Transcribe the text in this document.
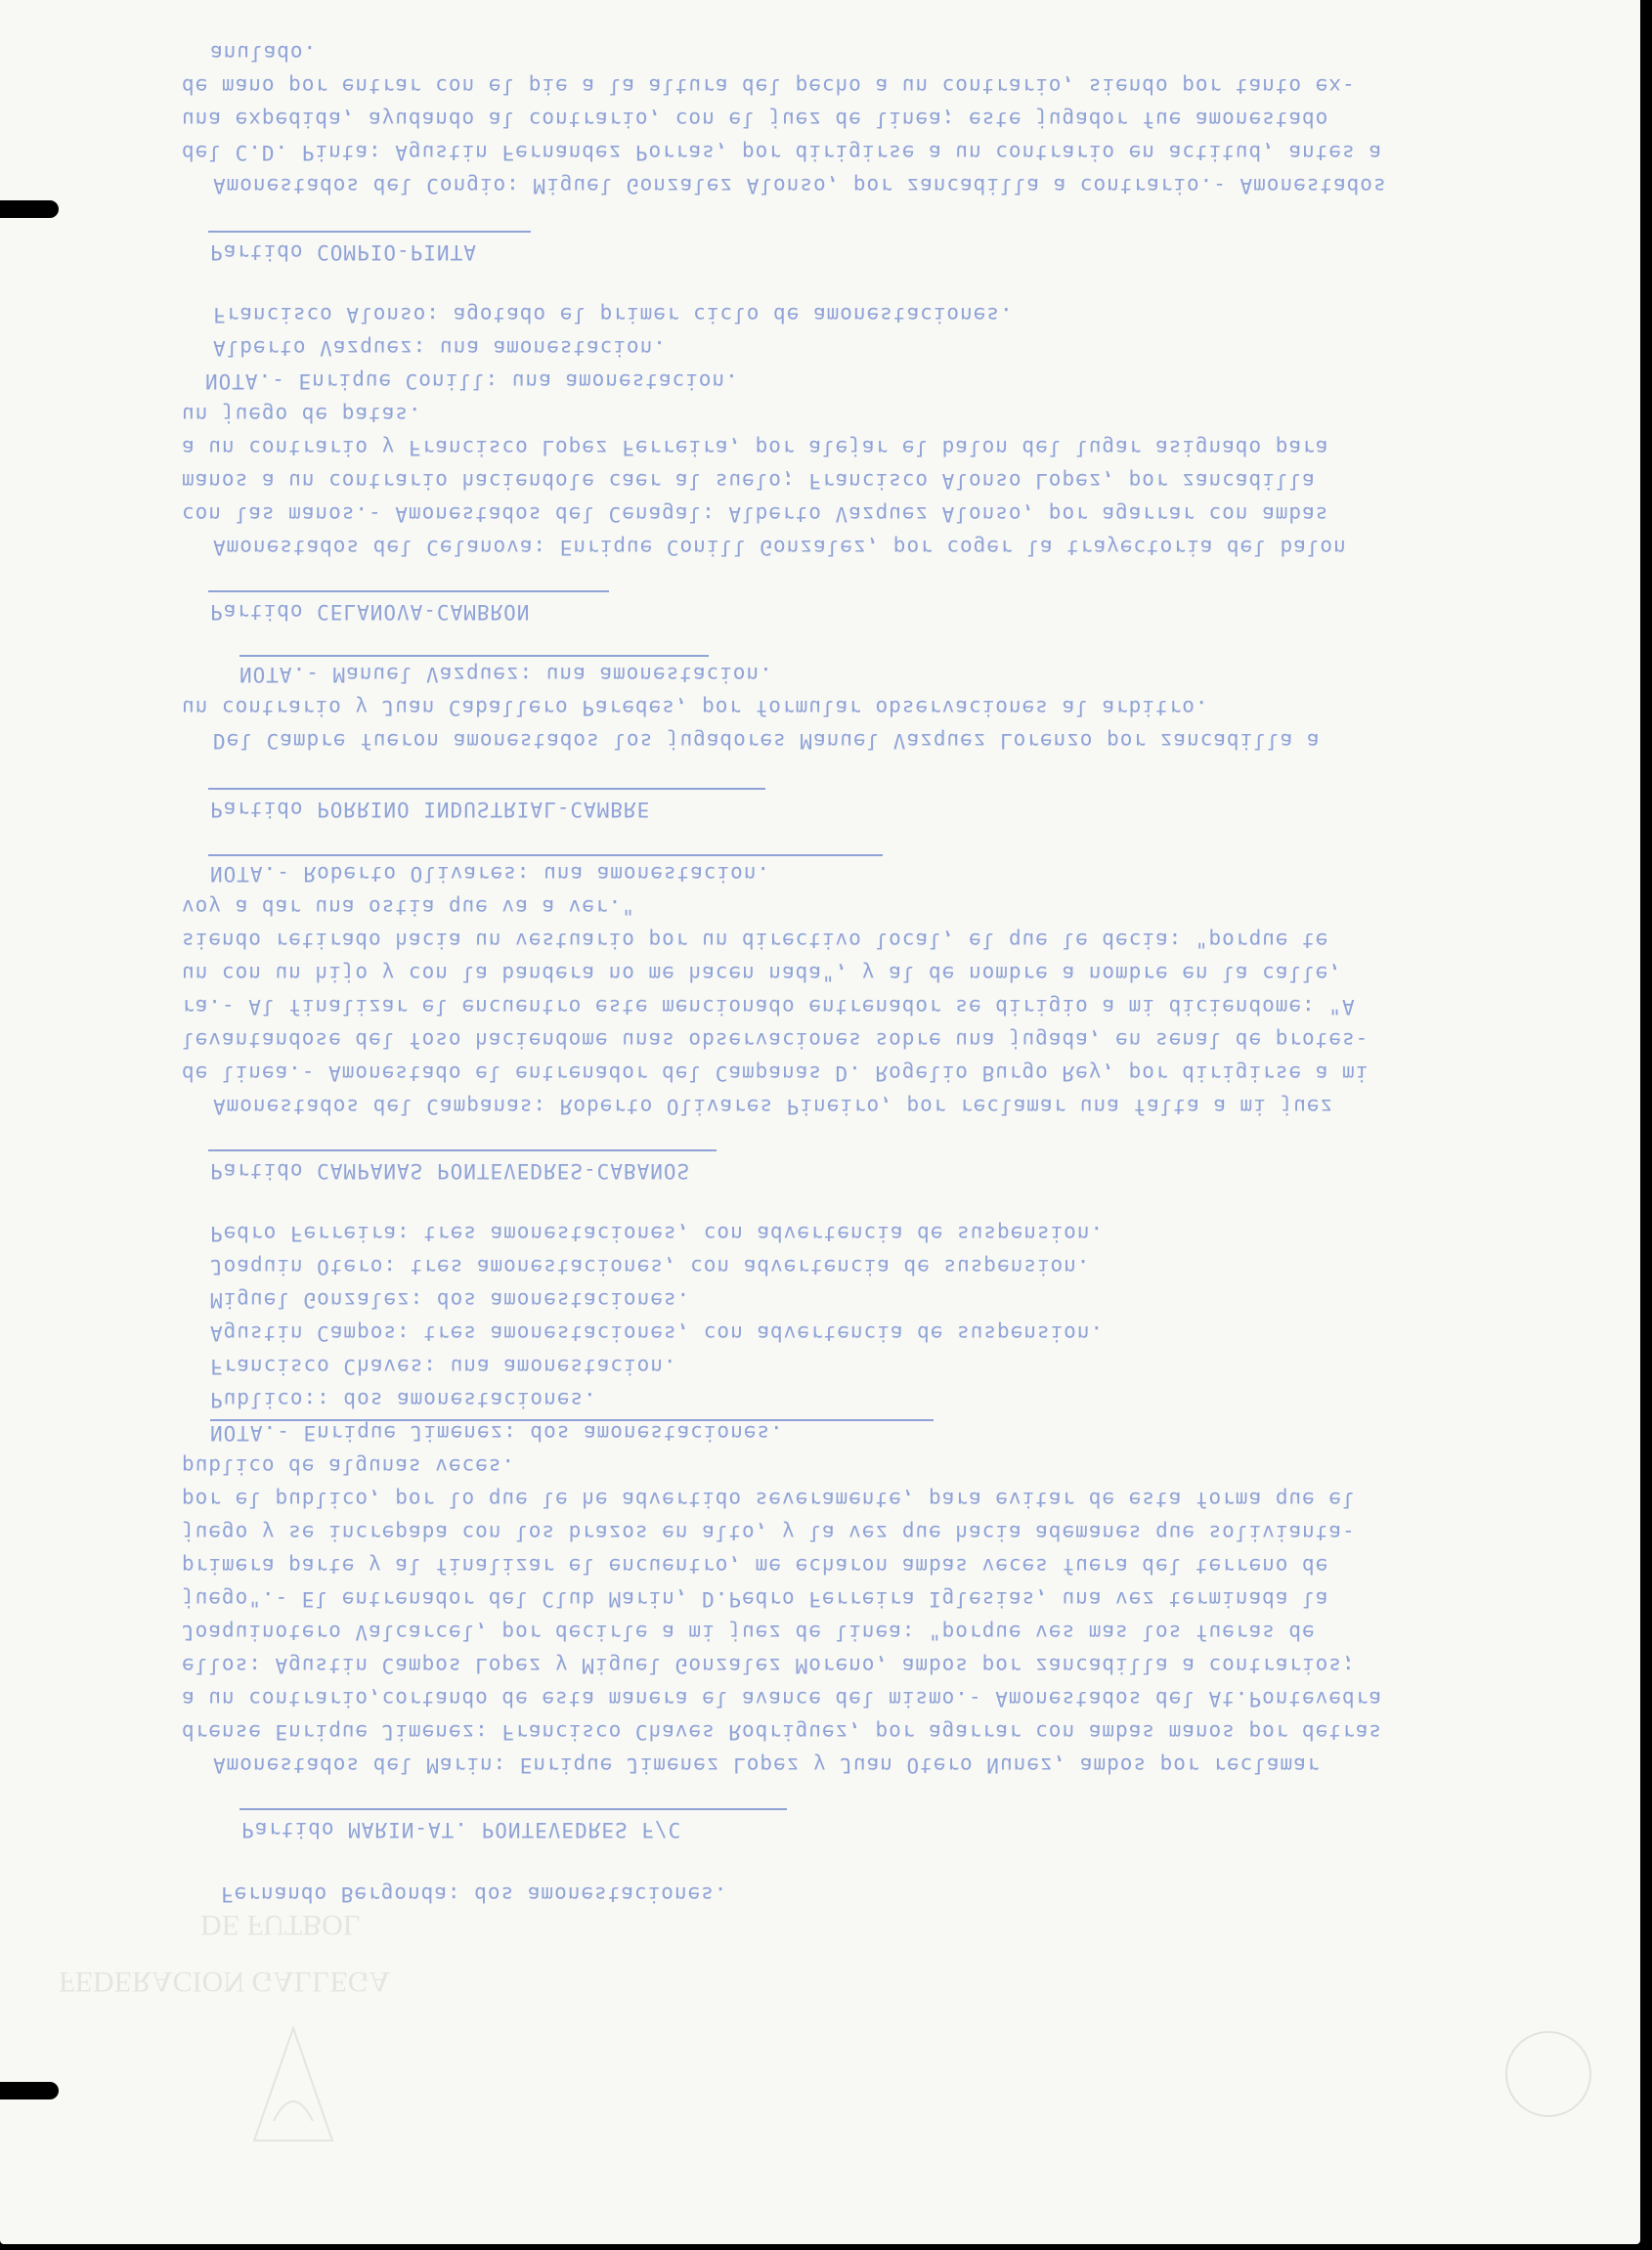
anulado.
de mano por entrar con el pie a la altura del pecho a un contrario, siendo por tanto ex-
una expedida, ayudando al contrario, con el juez de linea; este jugador fue amonestado
del C.D. Pinta: Agustin Fernandez Porras, por dirigirse a un contrario en actitud, antes a
Amonestados del Congio: Miguel Gonzalez Alonso, por zancadilla a contrario.- Amonestados
Partido COMPIO-PINTA
Francisco Alonso: agotado el primer ciclo de amonestaciones.
Alberto Vazquez: una amonestacion.
NOTA.- Enrique Conill: una amonestacion.
un juego de patas.
a un contrario y Francisco Lopez Ferreira, por alejar el balon del lugar asignado para
manos a un contrario haciendole caer al suelo; Francisco Alonso Lopez, por zancadilla
con las manos.- Amonestados del Cenagal: Alberto Vazquez Alonso, por agarrar con ambas
Amonestados del Celanova: Enrique Conill Gonzalez, por coger la trayectoria del balon
Partido CELANOVA-CAMBRON
NOTA.- Manuel Vazquez: una amonestacion.
un contrario y Juan Caballero Paredes, por formular observaciones al arbitro.
Del Cambre fueron amonestados los jugadores Manuel Vazquez Lorenzo por zancadilla a
Partido PORRINO INDUSTRIAL-CAMBRE
NOTA.- Roberto Olivares: una amonestacion.
voy a dar una ostia que va a ver."
siendo retirado hacia un vestuario por un directivo local, el que le decia: "porque te
un con un hijo y con la bandera no me hacen nada", y al de nombre a nombre en la calle,
ra.- Al finalizar el encuentro este mencionado entrenador se dirigio a mi diciendome: "A
levantandose del foso haciendome unas observaciones sobre una jugada, en senal de protes-
de linea.- Amonestado el entrenador del Campanas D. Rogelio Burgo Rey, por dirigirse a mi
Amonestados del Campanas: Roberto Olivares Pineiro, por reclamar una falta a mi juez
Partido CAMPANAS PONTEVEDRES-CABANOS
Pedro Ferreira: tres amonestaciones, con advertencia de suspension.
Joaquin Otero: tres amonestaciones, con advertencia de suspension.
Miguel Gonzalez: dos amonestaciones.
Agustin Campos: tres amonestaciones, con advertencia de suspension.
Francisco Chaves: una amonestacion.
Publico:: dos amonestaciones.
NOTA.- Enrique Jimenez: dos amonestaciones.
publico de algunas veces.
por el publico, por lo que le he advertido severamente, para evitar de esta forma que el
juego y se increpaba con los brazos en alto, y la vez que hacia ademanes que solivianta-
primera parte y al finalizar el encuentro, me echaron ambas veces fuera del terreno de
juego".- El entrenador del Club Marin, D.Pedro Ferreira Iglesias, una vez terminada la
Joaquinotero Valcarcel, por decirle a mi juez de linea: "porque ves mas los fueras de
ellos: Agustin Campos Lopez y Miguel Gonzalez Moreno, ambos por zancadilla a contrarios;
a un contrario,cortando de esta manera el avance del mismo.- Amonestados del At.Pontevedra
drense Enrique Jimenez: Francisco Chaves Rodriguez, por agarrar con ambas manos por detras
Amonestados del Marin: Enrique Jimenez Lopez y Juan Otero Nunez, ambos por reclamar
Partido MARIN-AT. PONTEVEDRES F/C
Fernando Bergonda: dos amonestaciones.
DE FUTBOL
FEDERACION GALLEGA
